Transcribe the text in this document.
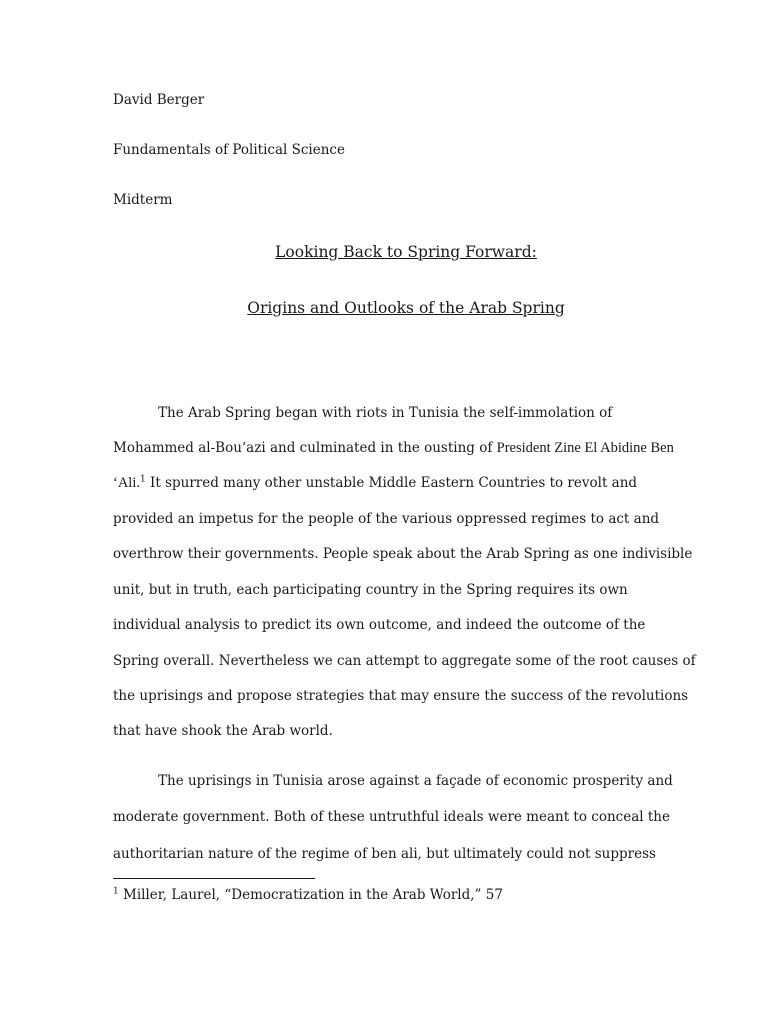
David Berger
Fundamentals of Political Science
Midterm
Looking Back to Spring Forward:
Origins and Outlooks of the Arab Spring
The Arab Spring began with riots in Tunisia the self-immolation of
Mohammed al-Bou‘azi and culminated in the ousting of President Zine El Abidine Ben
‘Ali.$^1$ It spurred many other unstable Middle Eastern Countries to revolt and
provided an impetus for the people of the various oppressed regimes to act and
overthrow their governments. People speak about the Arab Spring as one indivisible
unit, but in truth, each participating country in the Spring requires its own
individual analysis to predict its own outcome, and indeed the outcome of the
Spring overall. Nevertheless we can attempt to aggregate some of the root causes of
the uprisings and propose strategies that may ensure the success of the revolutions
that have shook the Arab world.
The uprisings in Tunisia arose against a façade of economic prosperity and
moderate government. Both of these untruthful ideals were meant to conceal the
authoritarian nature of the regime of ben ali, but ultimately could not suppress
$^1$ Miller, Laurel, “Democratization in the Arab World,” 57
